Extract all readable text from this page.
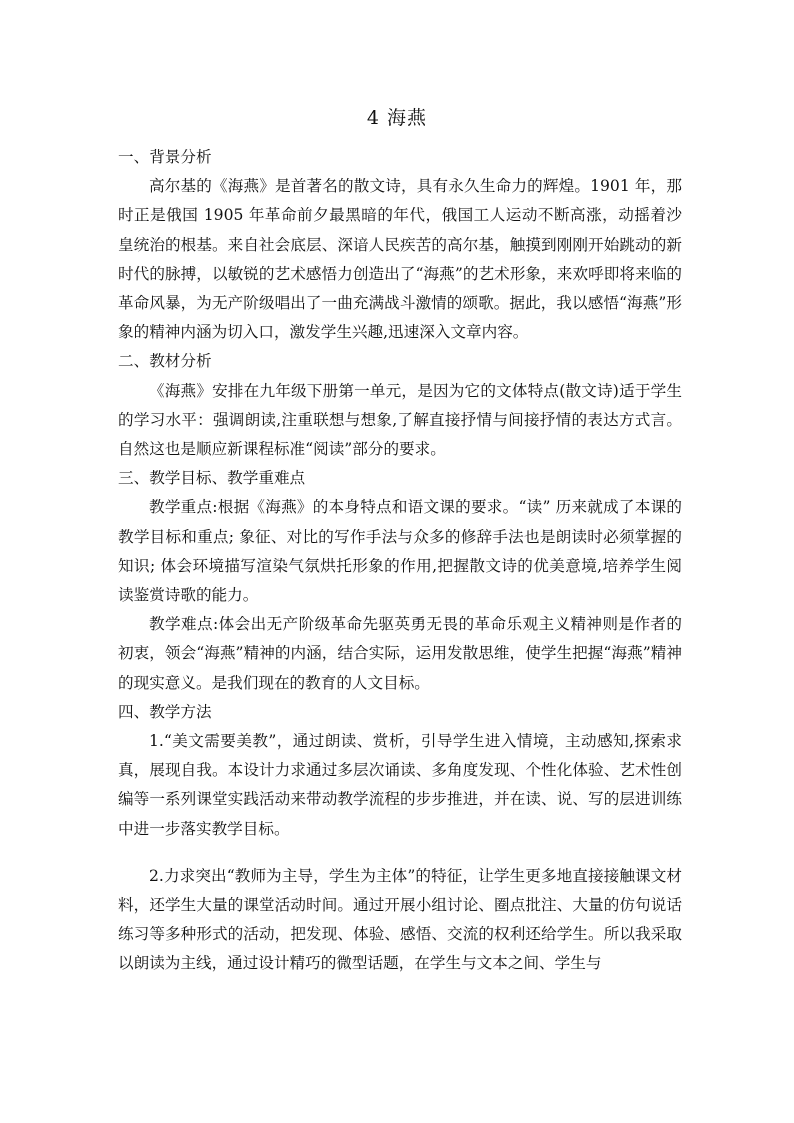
4 海燕

一、背景分析

高尔基的《海燕》是首著名的散文诗，具有永久生命力的辉煌。1901 年，那时正是俄国 1905 年革命前夕最黑暗的年代，俄国工人运动不断高涨，动摇着沙皇统治的根基。来自社会底层、深谙人民疾苦的高尔基，触摸到刚刚开始跳动的新时代的脉搏，以敏锐的艺术感悟力创造出了“海燕”的艺术形象，来欢呼即将来临的革命风暴，为无产阶级唱出了一曲充满战斗激情的颂歌。据此，我以感悟“海燕”形象的精神内涵为切入口，激发学生兴趣,迅速深入文章内容。

二、教材分析

《海燕》安排在九年级下册第一单元，是因为它的文体特点(散文诗)适于学生的学习水平：强调朗读,注重联想与想象,了解直接抒情与间接抒情的表达方式言。自然这也是顺应新课程标准“阅读”部分的要求。

三、教学目标、教学重难点

教学重点:根据《海燕》的本身特点和语文课的要求。“读” 历来就成了本课的教学目标和重点; 象征、对比的写作手法与众多的修辞手法也是朗读时必须掌握的知识; 体会环境描写渲染气氛烘托形象的作用,把握散文诗的优美意境,培养学生阅读鉴赏诗歌的能力。

教学难点:体会出无产阶级革命先驱英勇无畏的革命乐观主义精神则是作者的初衷，领会“海燕”精神的内涵，结合实际，运用发散思维，使学生把握“海燕”精神的现实意义。是我们现在的教育的人文目标。

四、教学方法

1.“美文需要美教”，通过朗读、赏析，引导学生进入情境，主动感知,探索求真，展现自我。本设计力求通过多层次诵读、多角度发现、个性化体验、艺术性创编等一系列课堂实践活动来带动教学流程的步步推进，并在读、说、写的层进训练中进一步落实教学目标。

2.力求突出“教师为主导，学生为主体”的特征，让学生更多地直接接触课文材料，还学生大量的课堂活动时间。通过开展小组讨论、圈点批注、大量的仿句说话练习等多种形式的活动，把发现、体验、感悟、交流的权利还给学生。所以我采取以朗读为主线，通过设计精巧的微型话题，在学生与文本之间、学生与
